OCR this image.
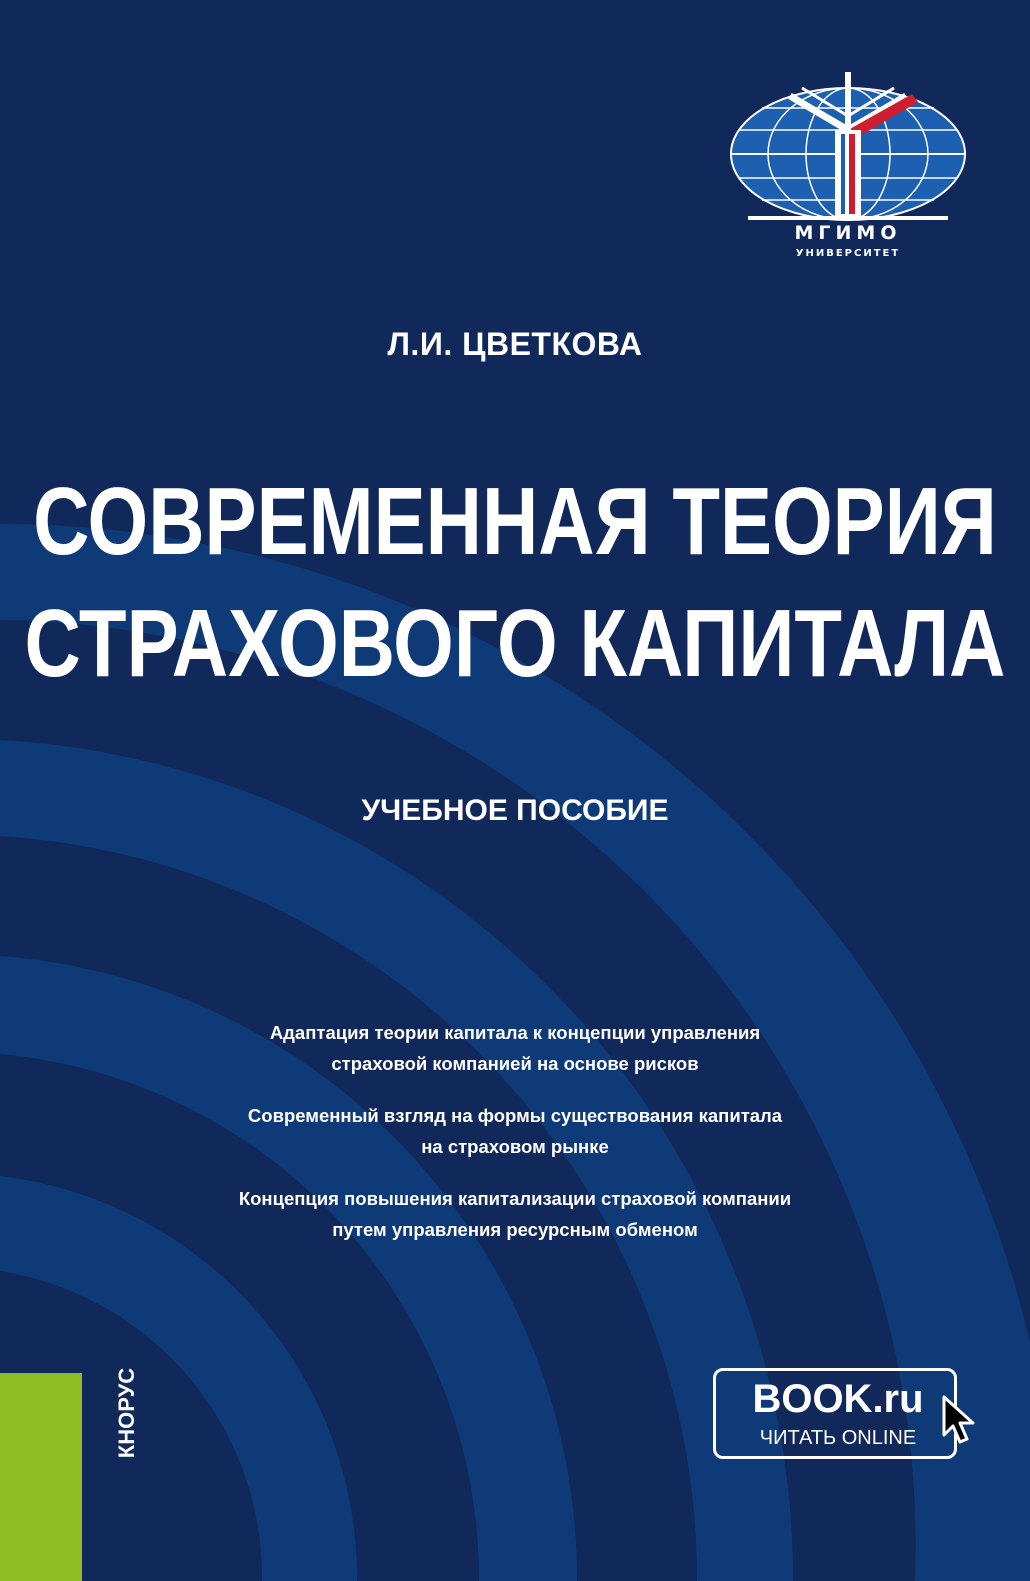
МГИМО
УНИВЕРСИТЕТ
Л.И. ЦВЕТКОВА
СОВРЕМЕННАЯ ТЕОРИЯ
СТРАХОВОГО КАПИТАЛА
УЧЕБНОЕ ПОСОБИЕ
Адаптация теории капитала к концепции управления
страховой компанией на основе рисков
Современный взгляд на формы существования капитала
на страховом рынке
Концепция повышения капитализации страховой компании
путем управления ресурсным обменом
КНОРУС	BOOK.ru
ЧИТАТЬ ONLINE
